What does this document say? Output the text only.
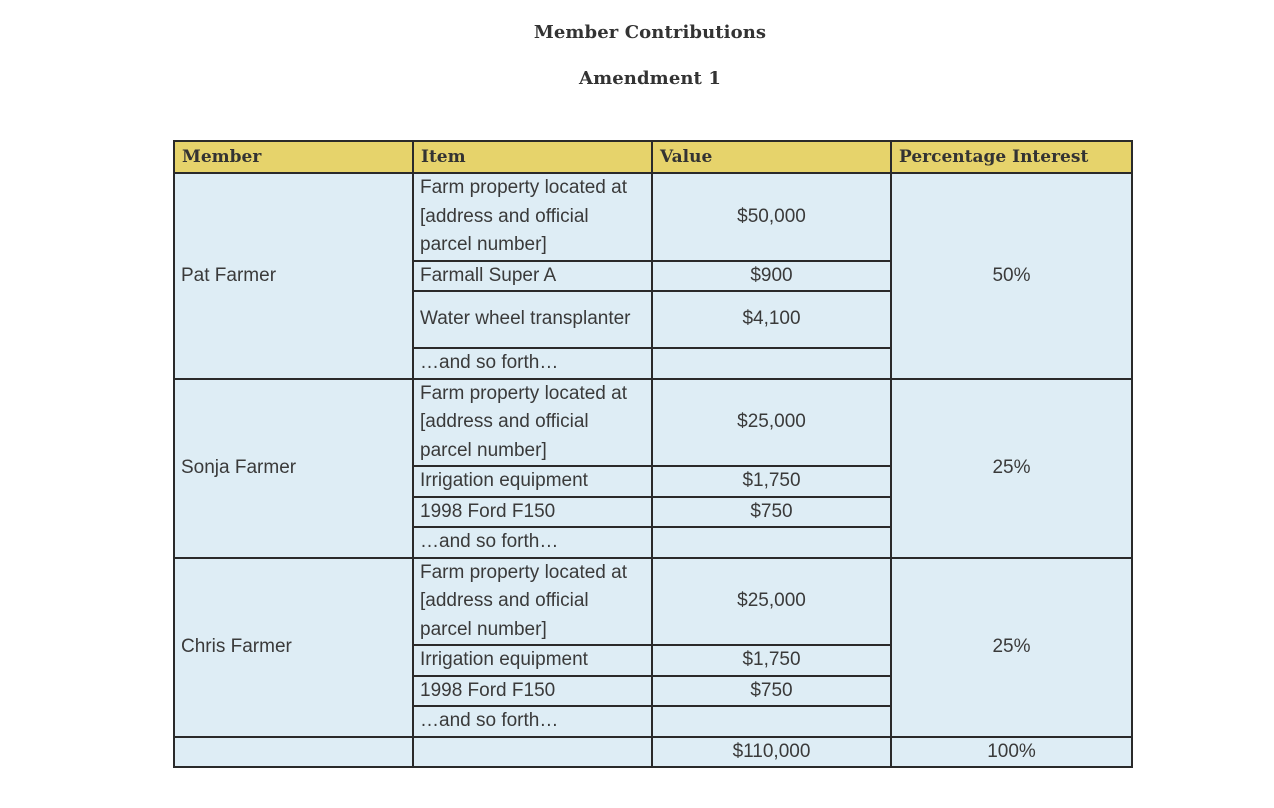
Member Contributions
Amendment 1
Member	Item	Value	Percentage Interest
Pat Farmer	Farm property located at [address and official parcel number]	$50,000	50%
	Farmall Super A	$900	
	Water wheel transplanter	$4,100	
	…and so forth…		
Sonja Farmer	Farm property located at [address and official parcel number]	$25,000	25%
	Irrigation equipment	$1,750	
	1998 Ford F150	$750	
	…and so forth…		
Chris Farmer	Farm property located at [address and official parcel number]	$25,000	25%
	Irrigation equipment	$1,750	
	1998 Ford F150	$750	
	…and so forth…		
		$110,000	100%
